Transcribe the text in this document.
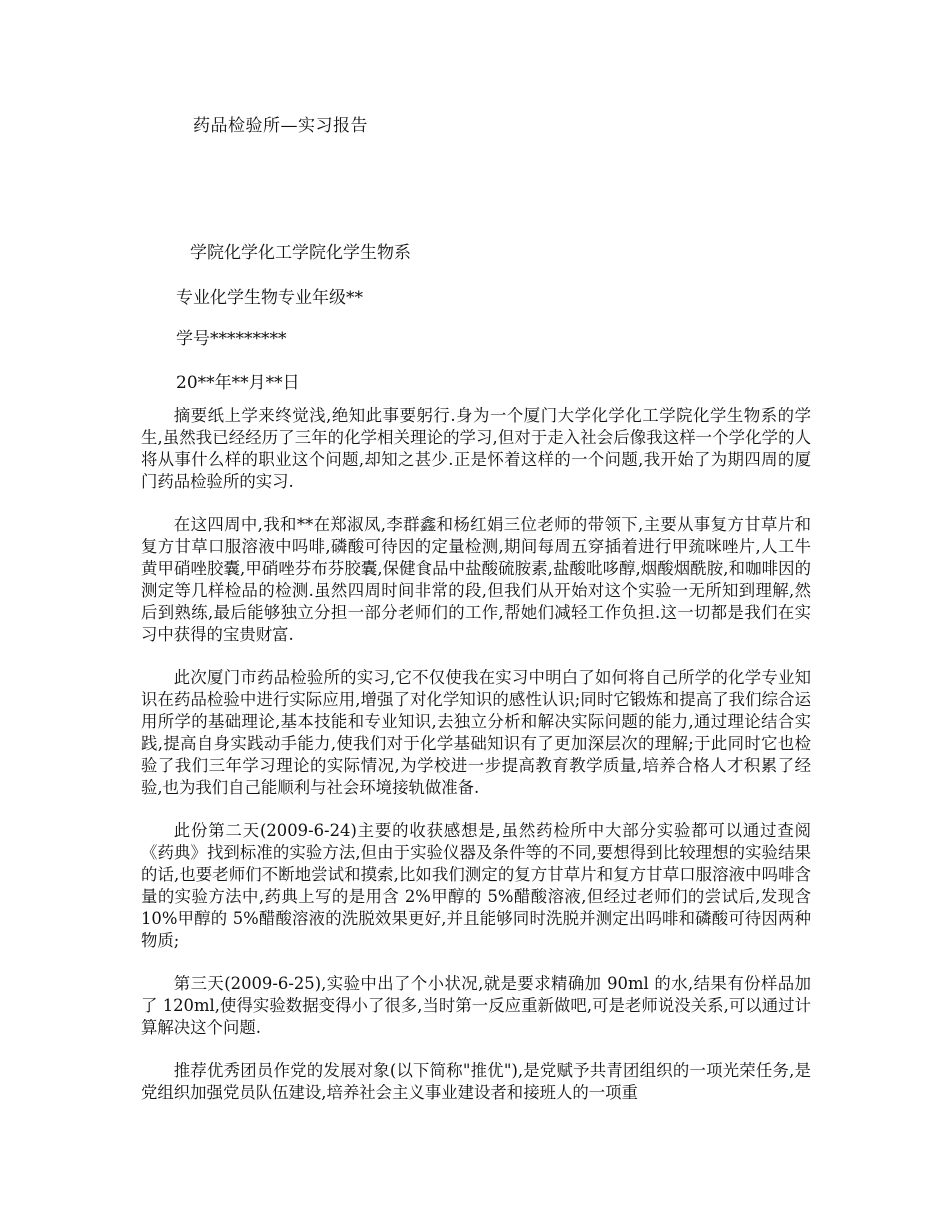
药品检验所—实习报告
学院化学化工学院化学生物系
专业化学生物专业年级**
学号*********
20**年**月**日

摘要纸上学来终觉浅,绝知此事要躬行.身为一个厦门大学化学化工学院化学生物系的学生,虽然我已经经历了三年的化学相关理论的学习,但对于走入社会后像我这样一个学化学的人将从事什么样的职业这个问题,却知之甚少.正是怀着这样的一个问题,我开始了为期四周的厦门药品检验所的实习.

在这四周中,我和**在郑淑凤,李群鑫和杨红娟三位老师的带领下,主要从事复方甘草片和复方甘草口服溶液中吗啡,磷酸可待因的定量检测,期间每周五穿插着进行甲巯咪唑片,人工牛黄甲硝唑胶囊,甲硝唑芬布芬胶囊,保健食品中盐酸硫胺素,盐酸吡哆醇,烟酸烟酰胺,和咖啡因的测定等几样检品的检测.虽然四周时间非常的段,但我们从开始对这个实验一无所知到理解,然后到熟练,最后能够独立分担一部分老师们的工作,帮她们减轻工作负担.这一切都是我们在实习中获得的宝贵财富.

此次厦门市药品检验所的实习,它不仅使我在实习中明白了如何将自己所学的化学专业知识在药品检验中进行实际应用,增强了对化学知识的感性认识;同时它锻炼和提高了我们综合运用所学的基础理论,基本技能和专业知识,去独立分析和解决实际问题的能力,通过理论结合实践,提高自身实践动手能力,使我们对于化学基础知识有了更加深层次的理解;于此同时它也检验了我们三年学习理论的实际情况,为学校进一步提高教育教学质量,培养合格人才积累了经验,也为我们自己能顺利与社会环境接轨做准备.

此份第二天(2009-6-24)主要的收获感想是,虽然药检所中大部分实验都可以通过查阅《药典》找到标准的实验方法,但由于实验仪器及条件等的不同,要想得到比较理想的实验结果的话,也要老师们不断地尝试和摸索,比如我们测定的复方甘草片和复方甘草口服溶液中吗啡含量的实验方法中,药典上写的是用含 2%甲醇的 5%醋酸溶液,但经过老师们的尝试后,发现含 10%甲醇的 5%醋酸溶液的洗脱效果更好,并且能够同时洗脱并测定出吗啡和磷酸可待因两种物质;

第三天(2009-6-25),实验中出了个小状况,就是要求精确加 90ml 的水,结果有份样品加了 120ml,使得实验数据变得小了很多,当时第一反应重新做吧,可是老师说没关系,可以通过计算解决这个问题.

推荐优秀团员作党的发展对象(以下简称"推优"),是党赋予共青团组织的一项光荣任务,是党组织加强党员队伍建设,培养社会主义事业建设者和接班人的一项重
